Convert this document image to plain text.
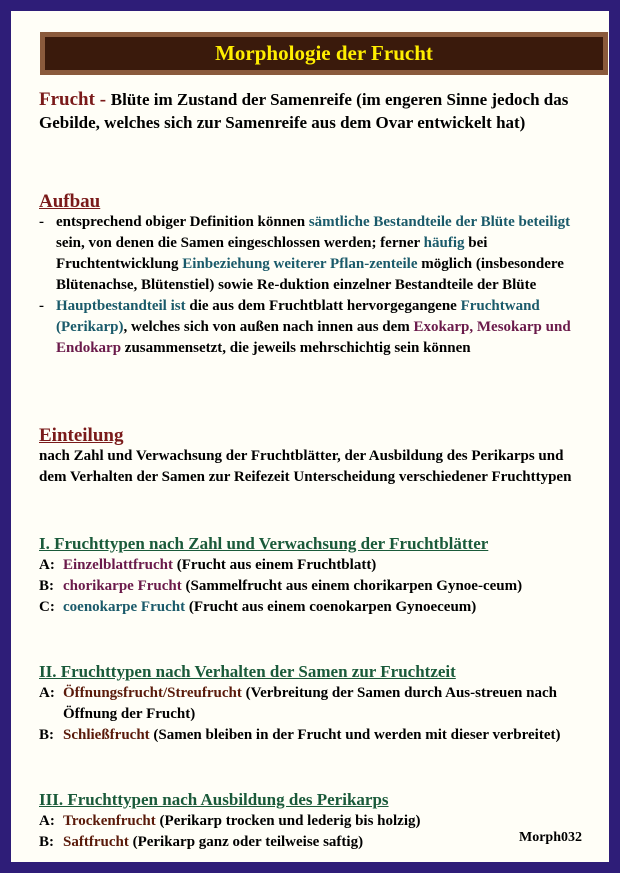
Morphologie der Frucht
Frucht - Blüte im Zustand der Samenreife (im engeren Sinne jedoch das Gebilde, welches sich zur Samenreife aus dem Ovar entwickelt hat)
Aufbau
- entsprechend obiger Definition können sämtliche Bestandteile der Blüte beteiligt sein, von denen die Samen eingeschlossen werden; ferner häufig bei Fruchtentwicklung Einbeziehung weiterer Pflan-zenteile möglich (insbesondere Blütenachse, Blütenstiel) sowie Re-duktion einzelner Bestandteile der Blüte
- Hauptbestandteil ist die aus dem Fruchtblatt hervorgegangene Fruchtwand (Perikarp), welches sich von außen nach innen aus dem Exokarp, Mesokarp und Endokarp zusammensetzt, die jeweils mehrschichtig sein können
Einteilung
nach Zahl und Verwachsung der Fruchtblätter, der Ausbildung des Perikarps und dem Verhalten der Samen zur Reifezeit Unterscheidung verschiedener Fruchttypen
I. Fruchttypen nach Zahl und Verwachsung der Fruchtblätter
A: Einzelblattfrucht (Frucht aus einem Fruchtblatt)
B: chorikarpe Frucht (Sammelfrucht aus einem chorikarpen Gynoe-ceum)
C: coenokarpe Frucht (Frucht aus einem coenokarpen Gynoeceum)
II. Fruchttypen nach Verhalten der Samen zur Fruchtzeit
A: Öffnungsfrucht/Streufrucht (Verbreitung der Samen durch Aus-streuen nach Öffnung der Frucht)
B: Schließfrucht (Samen bleiben in der Frucht und werden mit dieser verbreitet)
III. Fruchttypen nach Ausbildung des Perikarps
A: Trockenfrucht (Perikarp trocken und lederig bis holzig)
B: Saftfrucht (Perikarp ganz oder teilweise saftig)	Morph032
